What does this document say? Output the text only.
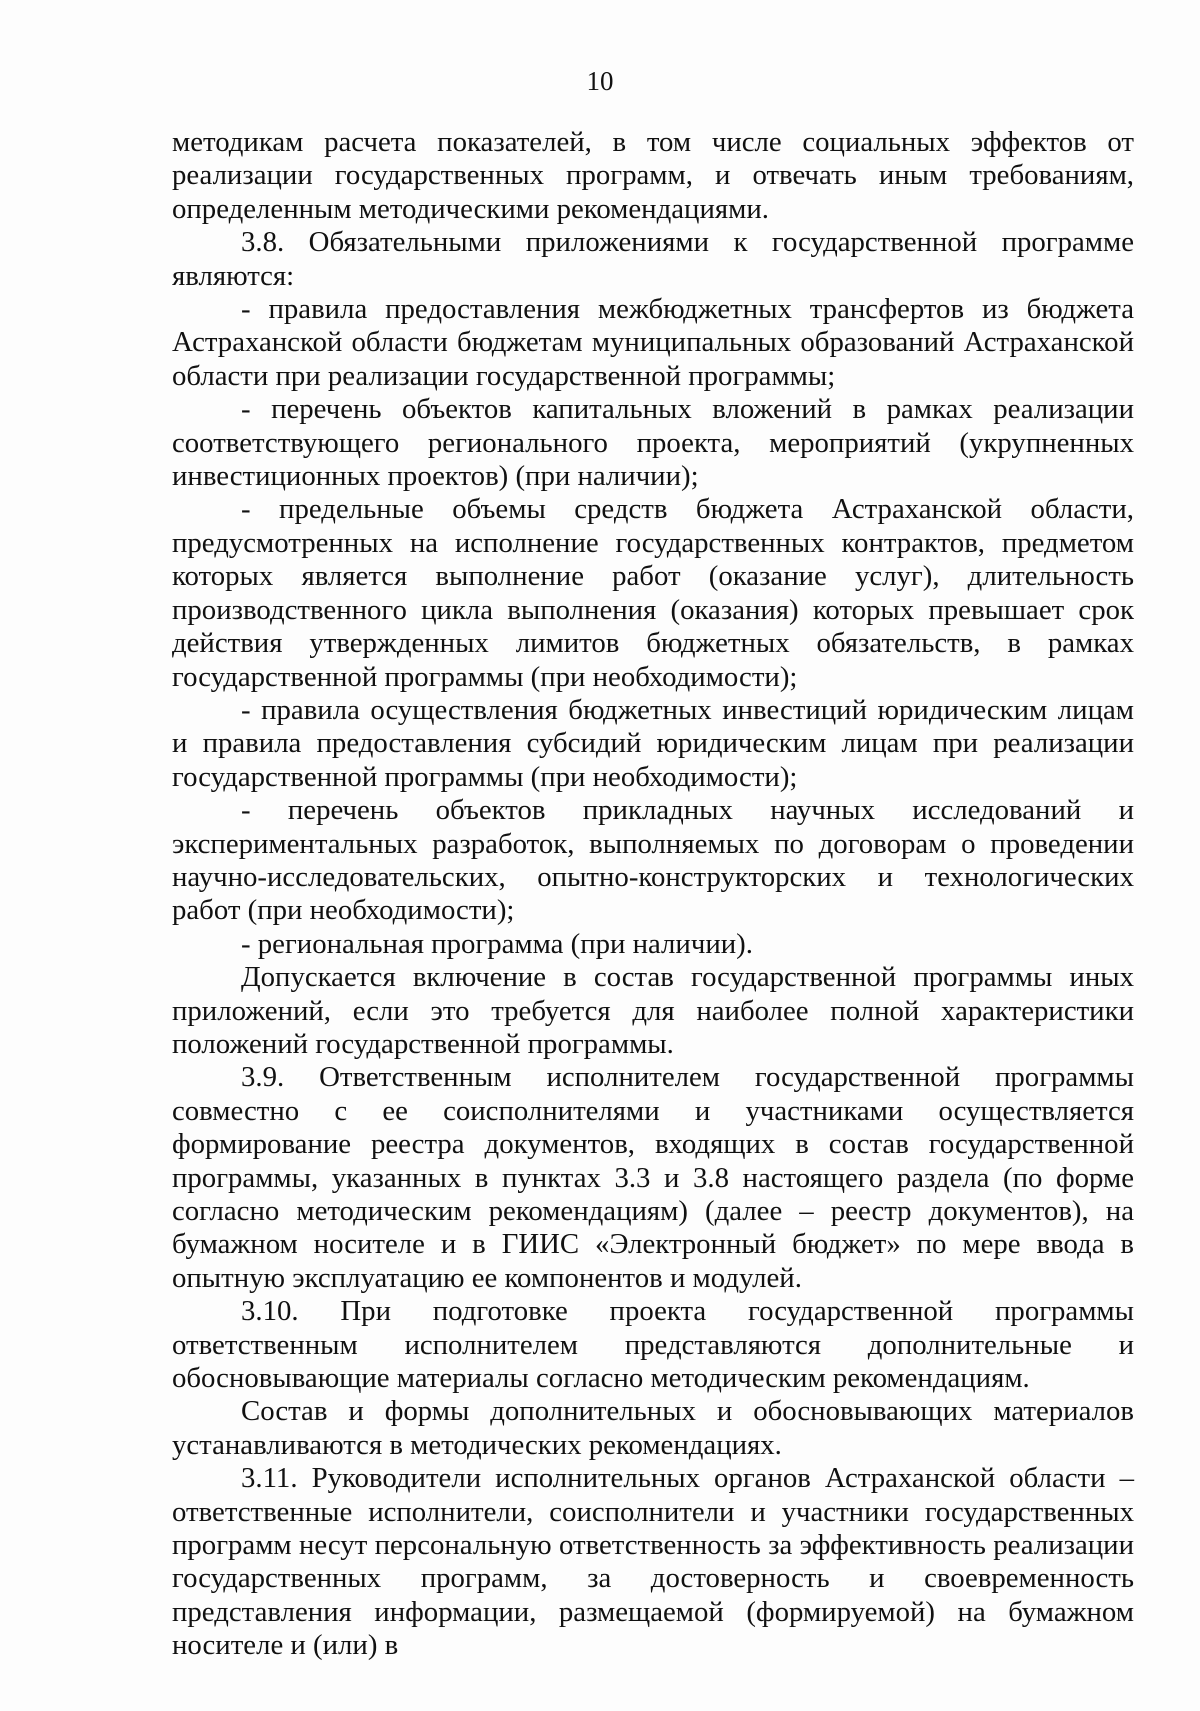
10

методикам расчета показателей, в том числе социальных эффектов от реализации государственных программ, и отвечать иным требованиям, определенным методическими рекомендациями.

3.8. Обязательными приложениями к государственной программе являются:

- правила предоставления межбюджетных трансфертов из бюджета Астраханской области бюджетам муниципальных образований Астраханской области при реализации государственной программы;

- перечень объектов капитальных вложений в рамках реализации соответствующего регионального проекта, мероприятий (укрупненных инвестиционных проектов) (при наличии);

- предельные объемы средств бюджета Астраханской области, предусмотренных на исполнение государственных контрактов, предметом которых является выполнение работ (оказание услуг), длительность производственного цикла выполнения (оказания) которых превышает срок действия утвержденных лимитов бюджетных обязательств, в рамках государственной программы (при необходимости);

- правила осуществления бюджетных инвестиций юридическим лицам и правила предоставления субсидий юридическим лицам при реализации государственной программы (при необходимости);

- перечень объектов прикладных научных исследований и экспериментальных разработок, выполняемых по договорам о проведении научно-исследовательских, опытно-конструкторских и технологических работ (при необходимости);

- региональная программа (при наличии).

Допускается включение в состав государственной программы иных приложений, если это требуется для наиболее полной характеристики положений государственной программы.

3.9. Ответственным исполнителем государственной программы совместно с ее соисполнителями и участниками осуществляется формирование реестра документов, входящих в состав государственной программы, указанных в пунктах 3.3 и 3.8 настоящего раздела (по форме согласно методическим рекомендациям) (далее – реестр документов), на бумажном носителе и в ГИИС «Электронный бюджет» по мере ввода в опытную эксплуатацию ее компонентов и модулей.

3.10. При подготовке проекта государственной программы ответственным исполнителем представляются дополнительные и обосновывающие материалы согласно методическим рекомендациям.

Состав и формы дополнительных и обосновывающих материалов устанавливаются в методических рекомендациях.

3.11. Руководители исполнительных органов Астраханской области – ответственные исполнители, соисполнители и участники государственных программ несут персональную ответственность за эффективность реализации государственных программ, за достоверность и своевременность представления информации, размещаемой (формируемой) на бумажном носителе и (или) в
